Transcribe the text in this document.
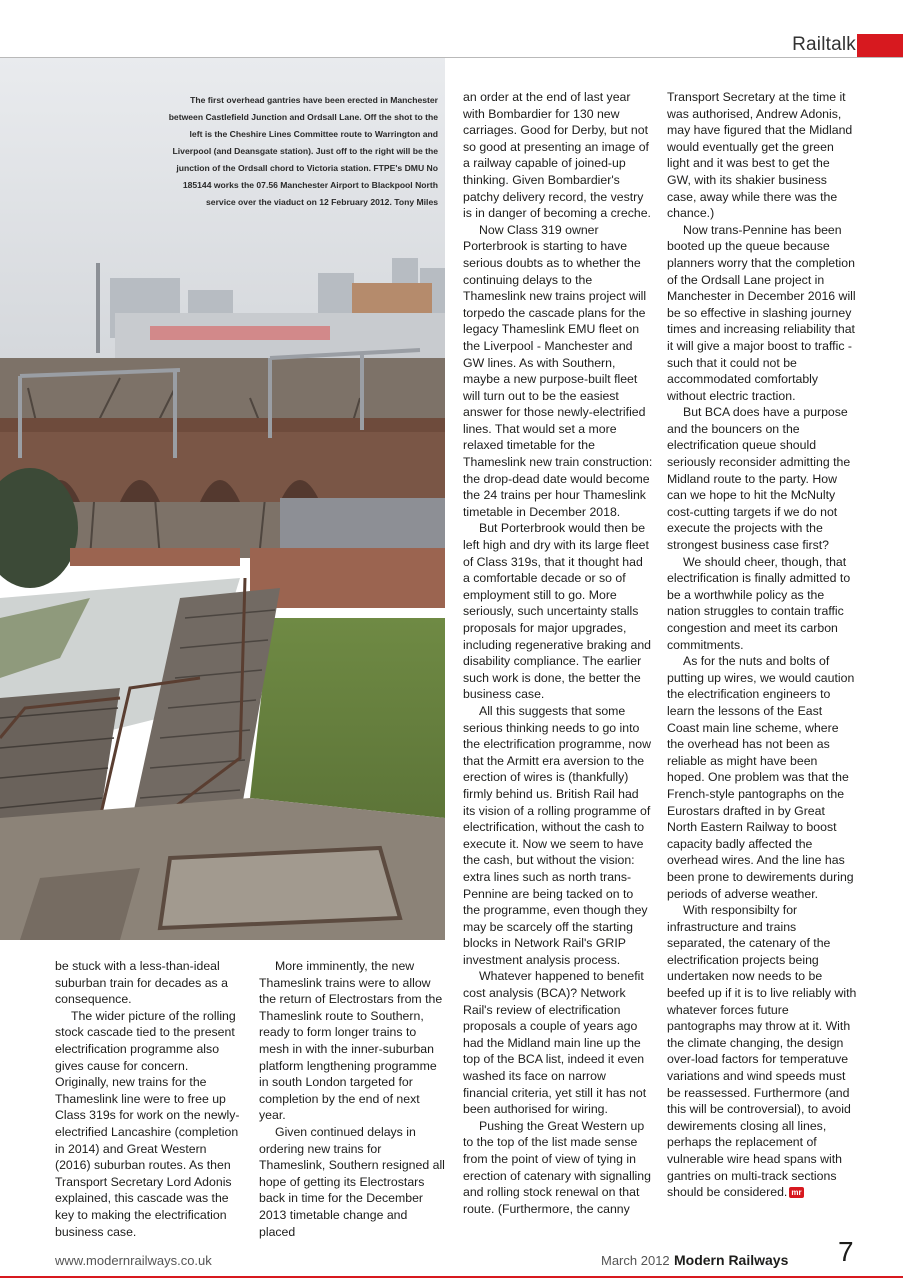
Railtalk
The first overhead gantries have been erected in Manchester between Castlefield Junction and Ordsall Lane. Off the shot to the left is the Cheshire Lines Committee route to Warrington and Liverpool (and Deansgate station). Just off to the right will be the junction of the Ordsall chord to Victoria station. FTPE's DMU No 185144 works the 07.56 Manchester Airport to Blackpool North service over the viaduct on 12 February 2012. Tony Miles

be stuck with a less-than-ideal suburban train for decades as a consequence.

The wider picture of the rolling stock cascade tied to the present electrification programme also gives cause for concern. Originally, new trains for the Thameslink line were to free up Class 319s for work on the newly-electrified Lancashire (completion in 2014) and Great Western (2016) suburban routes. As then Transport Secretary Lord Adonis explained, this cascade was the key to making the electrification business case.

More imminently, the new Thameslink trains were to allow the return of Electrostars from the Thameslink route to Southern, ready to form longer trains to mesh in with the inner-suburban platform lengthening programme in south London targeted for completion by the end of next year.

Given continued delays in ordering new trains for Thameslink, Southern resigned all hope of getting its Electrostars back in time for the December 2013 timetable change and placed

an order at the end of last year with Bombardier for 130 new carriages. Good for Derby, but not so good at presenting an image of a railway capable of joined-up thinking. Given Bombardier's patchy delivery record, the vestry is in danger of becoming a creche.

Now Class 319 owner Porterbrook is starting to have serious doubts as to whether the continuing delays to the Thameslink new trains project will torpedo the cascade plans for the legacy Thameslink EMU fleet on the Liverpool - Manchester and GW lines. As with Southern, maybe a new purpose-built fleet will turn out to be the easiest answer for those newly-electrified lines. That would set a more relaxed timetable for the Thameslink new train construction: the drop-dead date would become the 24 trains per hour Thameslink timetable in December 2018.

But Porterbrook would then be left high and dry with its large fleet of Class 319s, that it thought had a comfortable decade or so of employment still to go. More seriously, such uncertainty stalls proposals for major upgrades, including regenerative braking and disability compliance. The earlier such work is done, the better the business case.

All this suggests that some serious thinking needs to go into the electrification programme, now that the Armitt era aversion to the erection of wires is (thankfully) firmly behind us. British Rail had its vision of a rolling programme of electrification, without the cash to execute it. Now we seem to have the cash, but without the vision: extra lines such as north trans-Pennine are being tacked on to the programme, even though they may be scarcely off the starting blocks in Network Rail's GRIP investment analysis process.

Whatever happened to benefit cost analysis (BCA)? Network Rail's review of electrification proposals a couple of years ago had the Midland main line up the top of the BCA list, indeed it even washed its face on narrow financial criteria, yet still it has not been authorised for wiring.

Pushing the Great Western up to the top of the list made sense from the point of view of tying in erection of catenary with signalling and rolling stock renewal on that route. (Furthermore, the canny

Transport Secretary at the time it was authorised, Andrew Adonis, may have figured that the Midland would eventually get the green light and it was best to get the GW, with its shakier business case, away while there was the chance.)

Now trans-Pennine has been booted up the queue because planners worry that the completion of the Ordsall Lane project in Manchester in December 2016 will be so effective in slashing journey times and increasing reliability that it will give a major boost to traffic - such that it could not be accommodated comfortably without electric traction.

But BCA does have a purpose and the bouncers on the electrification queue should seriously reconsider admitting the Midland route to the party. How can we hope to hit the McNulty cost-cutting targets if we do not execute the projects with the strongest business case first?

We should cheer, though, that electrification is finally admitted to be a worthwhile policy as the nation struggles to contain traffic congestion and meet its carbon commitments.

As for the nuts and bolts of putting up wires, we would caution the electrification engineers to learn the lessons of the East Coast main line scheme, where the overhead has not been as reliable as might have been hoped. One problem was that the French-style pantographs on the Eurostars drafted in by Great North Eastern Railway to boost capacity badly affected the overhead wires. And the line has been prone to dewirements during periods of adverse weather.

With responsibilty for infrastructure and trains separated, the catenary of the electrification projects being undertaken now needs to be beefed up if it is to live reliably with whatever forces future pantographs may throw at it. With the climate changing, the design over-load factors for temperatuve variations and wind speeds must be reassessed. Furthermore (and this will be controversial), to avoid dewirements closing all lines, perhaps the replacement of vulnerable wire head spans with gantries on multi-track sections should be considered. mr

www.modernrailways.co.uk	March 2012 Modern Railways 7
